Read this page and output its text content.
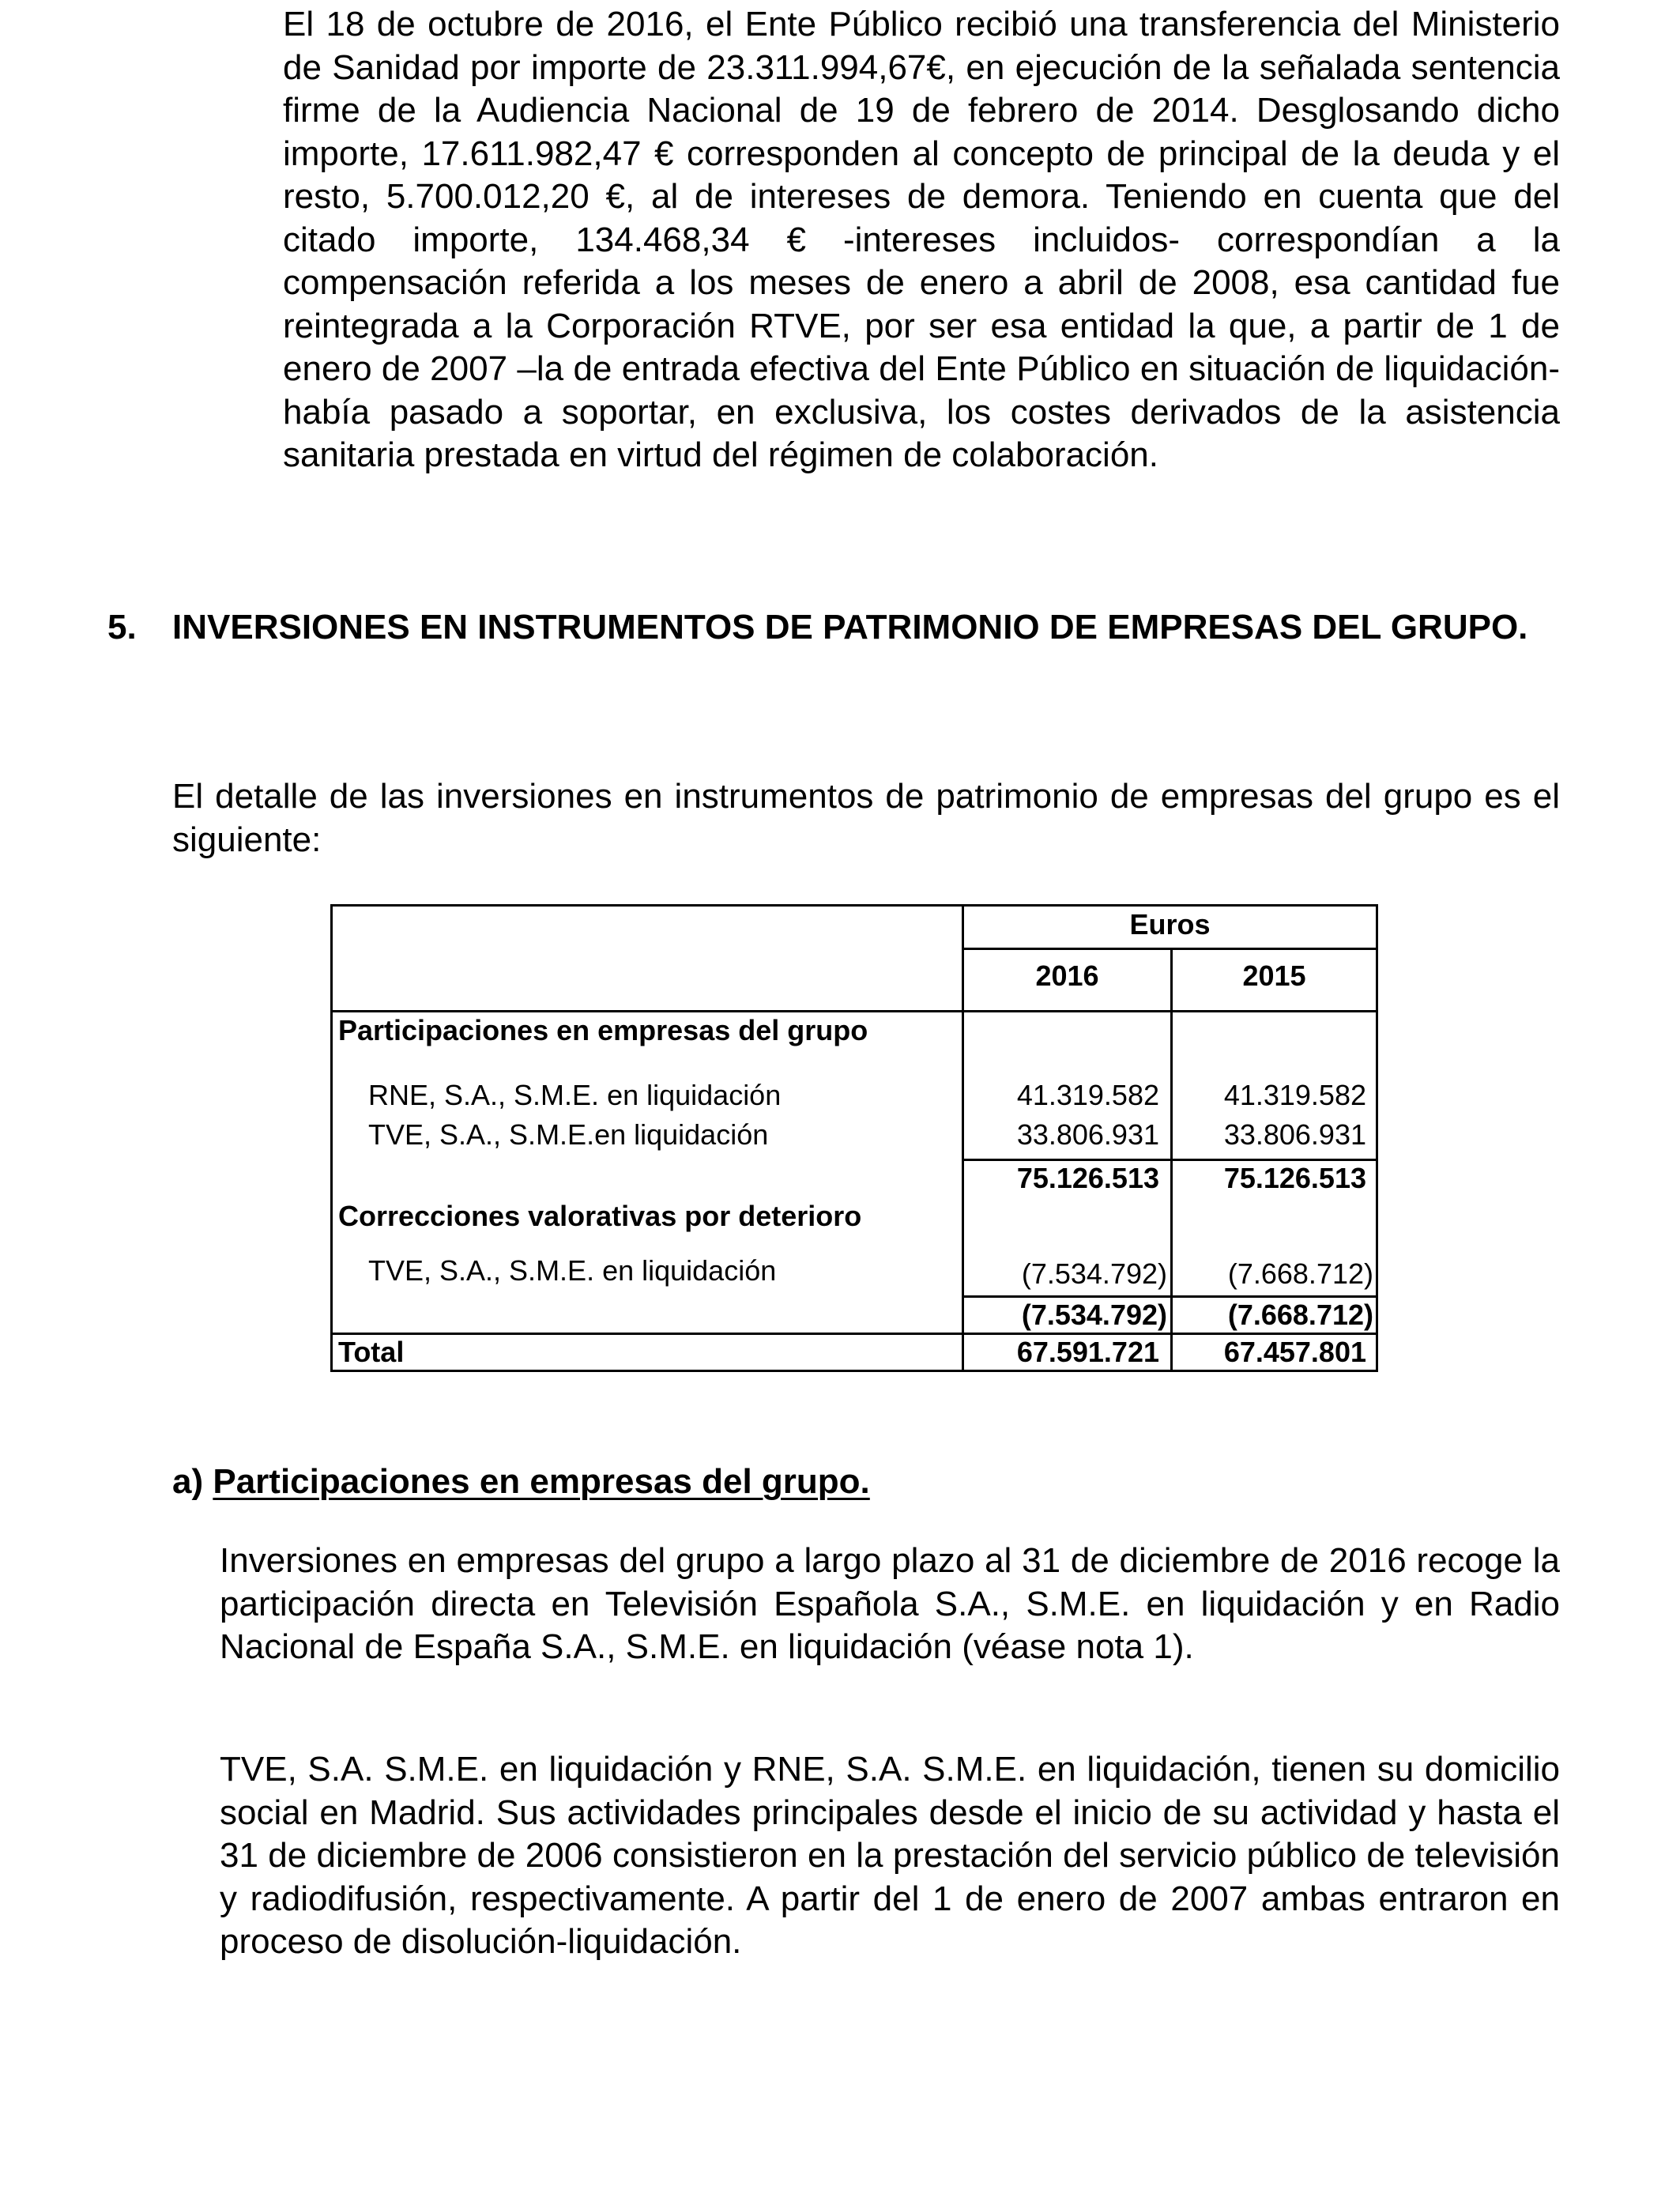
El 18 de octubre de 2016, el Ente Público recibió una transferencia del Ministerio de Sanidad por importe de 23.311.994,67€, en ejecución de la señalada sentencia firme de la Audiencia Nacional de 19 de febrero de 2014. Desglosando dicho importe, 17.611.982,47 € corresponden al concepto de principal de la deuda y el resto, 5.700.012,20 €, al de intereses de demora. Teniendo en cuenta que del citado importe, 134.468,34 € -intereses incluidos- correspondían a la compensación referida a los meses de enero a abril de 2008, esa cantidad fue reintegrada a la Corporación RTVE, por ser esa entidad la que, a partir de 1 de enero de 2007 –la de entrada efectiva del Ente Público en situación de liquidación- había pasado a soportar, en exclusiva, los costes derivados de la asistencia sanitaria prestada en virtud del régimen de colaboración.

5. INVERSIONES EN INSTRUMENTOS DE PATRIMONIO DE EMPRESAS DEL GRUPO.

El detalle de las inversiones en instrumentos de patrimonio de empresas del grupo es el siguiente:

Euros
2016	2015
Participaciones en empresas del grupo
RNE, S.A., S.M.E. en liquidación	41.319.582	41.319.582
TVE, S.A., S.M.E.en liquidación	33.806.931	33.806.931
75.126.513	75.126.513
Correcciones valorativas por deterioro
TVE, S.A., S.M.E. en liquidación	(7.534.792)	(7.668.712)
(7.534.792)	(7.668.712)
Total	67.591.721	67.457.801
a) Participaciones en empresas del grupo.

Inversiones en empresas del grupo a largo plazo al 31 de diciembre de 2016 recoge la participación directa en Televisión Española S.A., S.M.E. en liquidación y en Radio Nacional de España S.A., S.M.E. en liquidación (véase nota 1).

TVE, S.A. S.M.E. en liquidación y RNE, S.A. S.M.E. en liquidación, tienen su domicilio social en Madrid. Sus actividades principales desde el inicio de su actividad y hasta el 31 de diciembre de 2006 consistieron en la prestación del servicio público de televisión y radiodifusión, respectivamente. A partir del 1 de enero de 2007 ambas entraron en proceso de disolución-liquidación.
